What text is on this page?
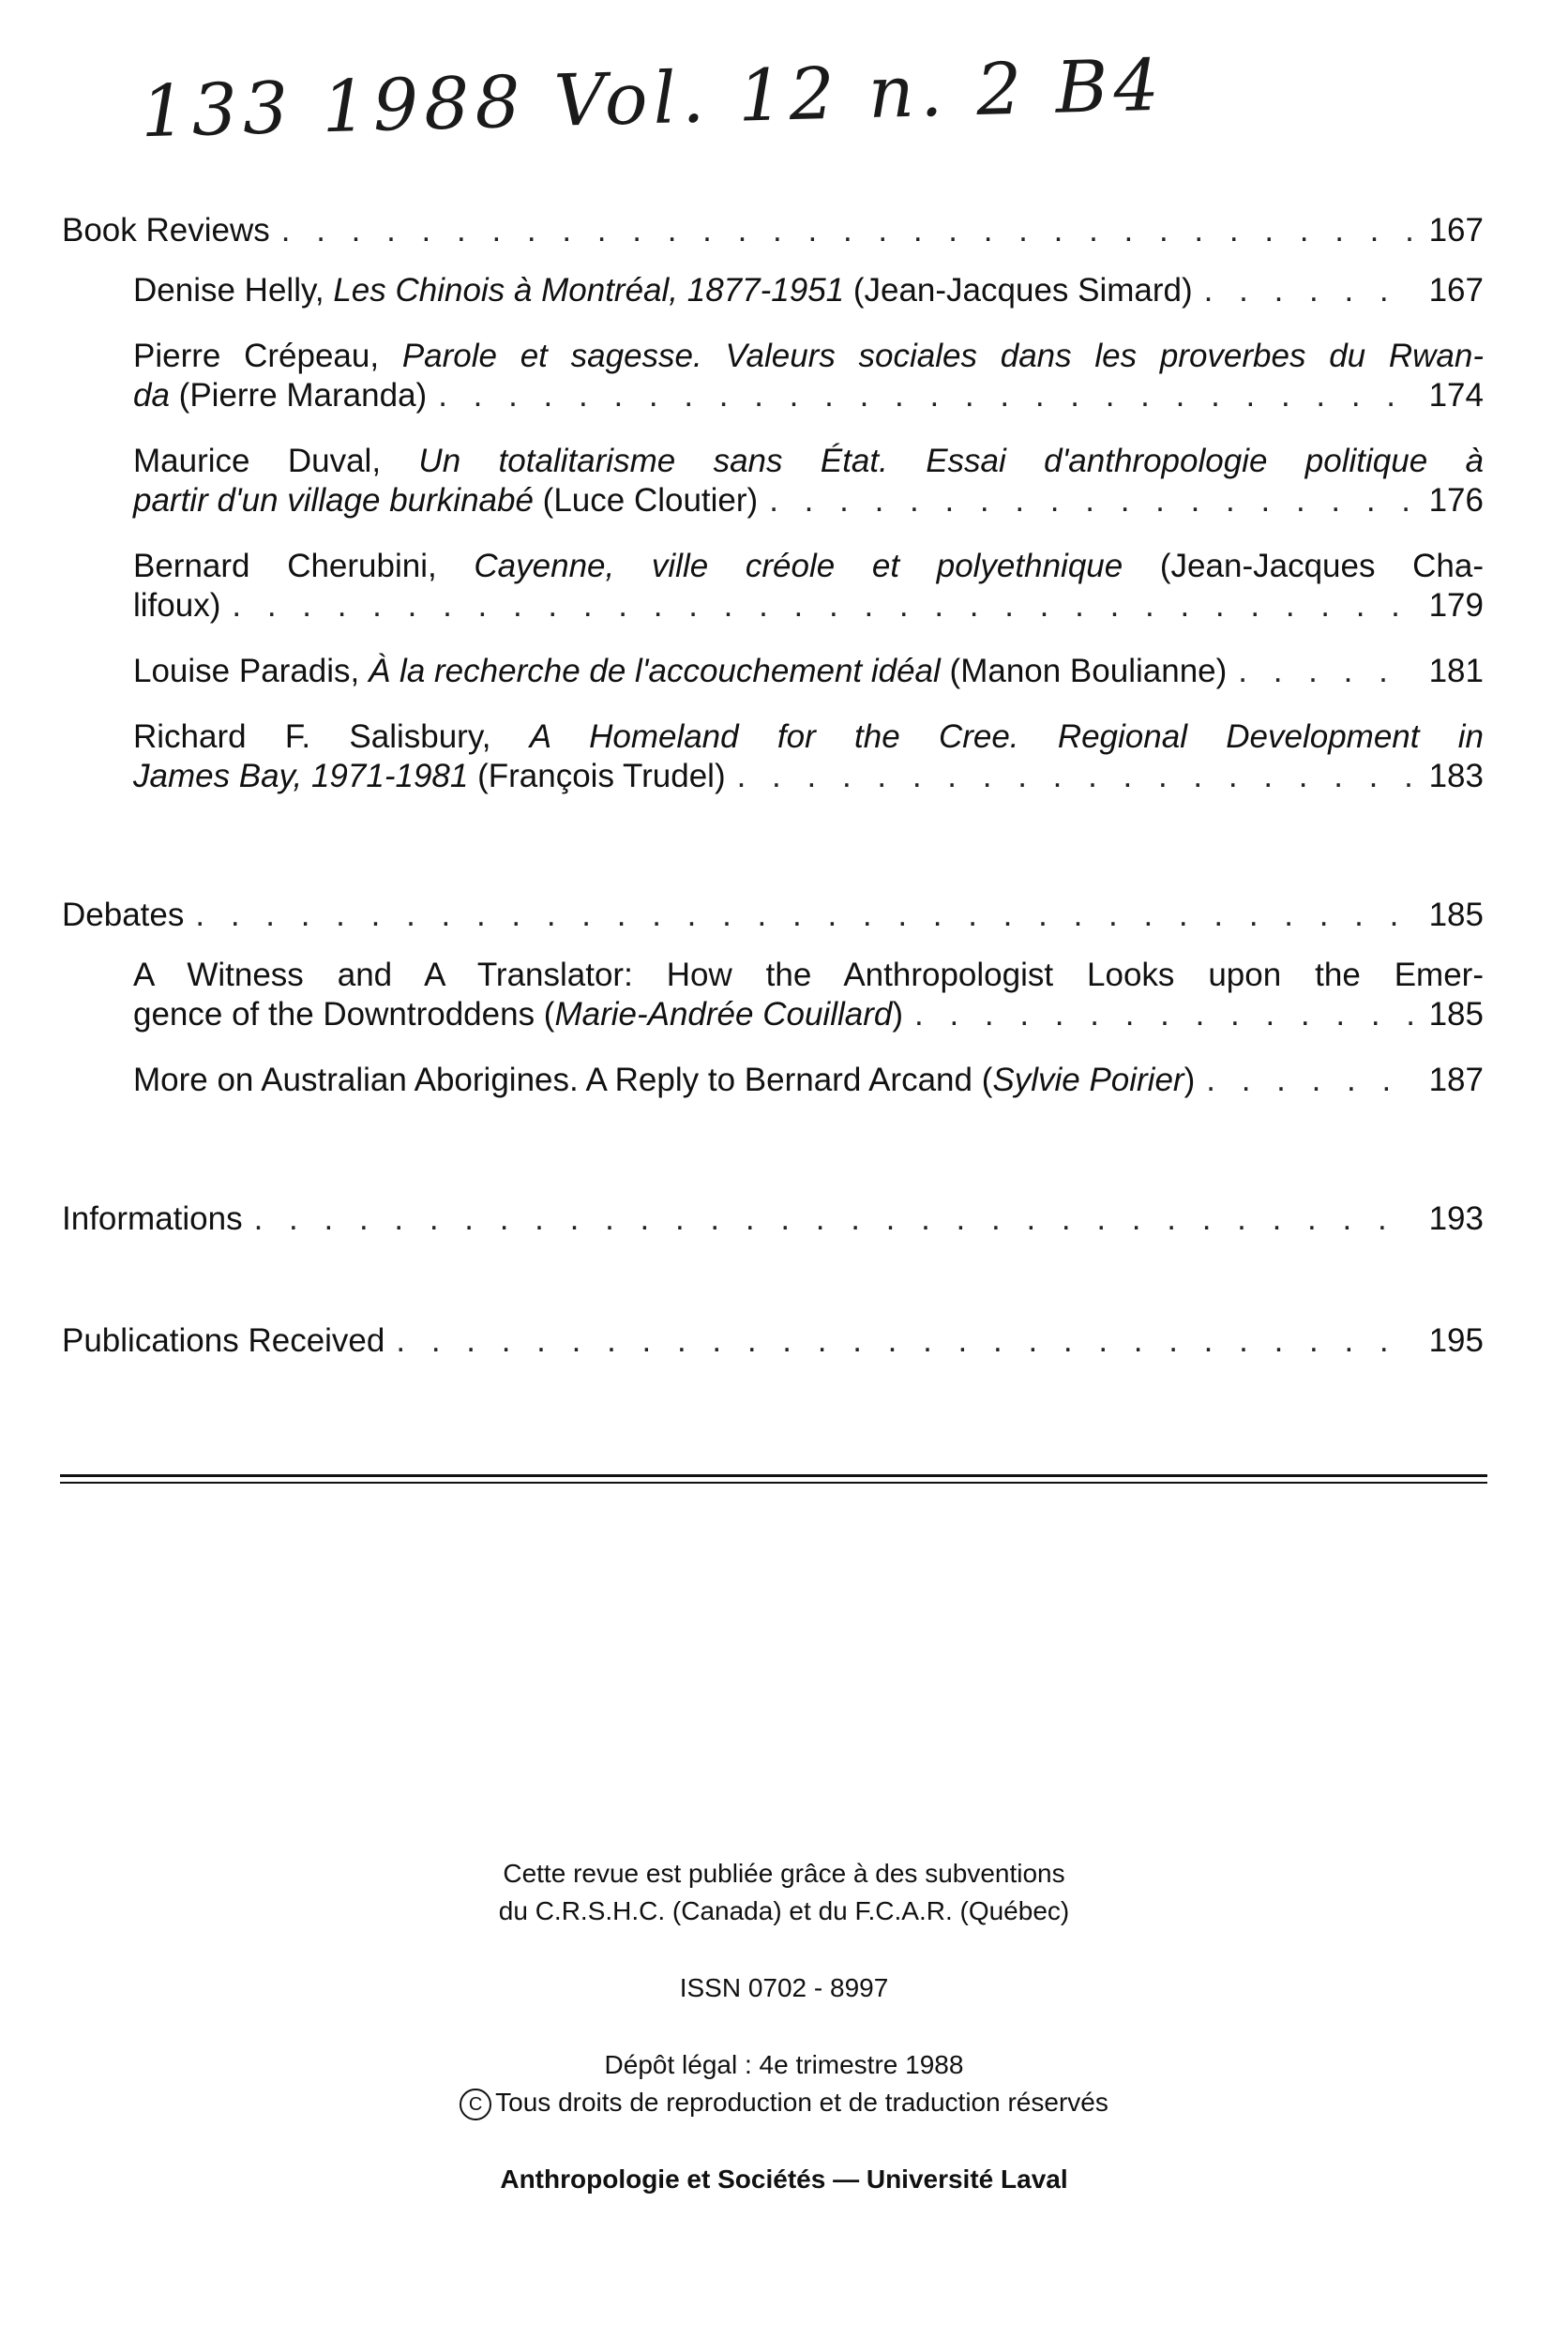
133 1988 Vol. 12 n. 2 B4
Book Reviews . . .	167
Denise Helly, Les Chinois à Montréal, 1877-1951 (Jean-Jacques Simard) . . .	167
Pierre Crépeau, Parole et sagesse. Valeurs sociales dans les proverbes du Rwan-
da (Pierre Maranda) . . .	174
Maurice Duval, Un totalitarisme sans État. Essai d'anthropologie politique à
partir d'un village burkinabé (Luce Cloutier) . . .	176
Bernard Cherubini, Cayenne, ville créole et polyethnique (Jean-Jacques Cha-
lifoux) . . .	179
Louise Paradis, À la recherche de l'accouchement idéal (Manon Boulianne) . . .	181
Richard F. Salisbury, A Homeland for the Cree. Regional Development in
James Bay, 1971-1981 (François Trudel) . . .	183
Debates . . .	185
A Witness and A Translator: How the Anthropologist Looks upon the Emer-
gence of the Downtroddens (Marie-Andrée Couillard) . . .	185
More on Australian Aborigines. A Reply to Bernard Arcand (Sylvie Poirier) . . .	187
Informations . . .	193
Publications Received . . .	195

Cette revue est publiée grâce à des subventions

du C.R.S.H.C. (Canada) et du F.C.A.R. (Québec)

ISSN 0702 - 8997

Dépôt légal : 4e trimestre 1988

C Tous droits de reproduction et de traduction réservés

Anthropologie et Sociétés — Université Laval
